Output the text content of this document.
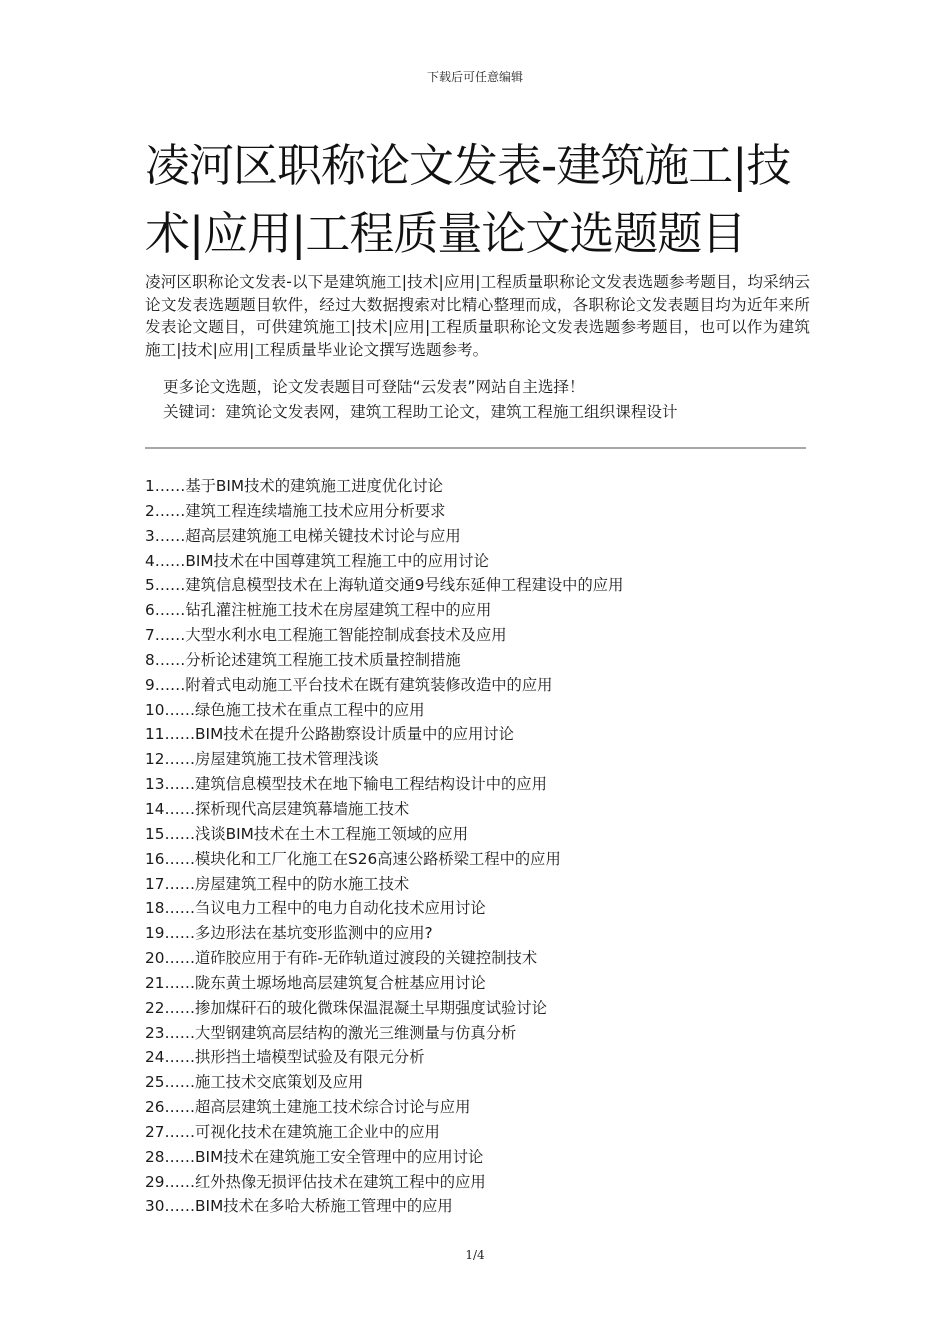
下载后可任意编辑
凌河区职称论文发表-建筑施工|技术|应用|工程质量论文选题题目

凌河区职称论文发表-以下是建筑施工|技术|应用|工程质量职称论文发表选题参考题目，均采纳云论文发表选题题目软件，经过大数据搜索对比精心整理而成，各职称论文发表题目均为近年来所发表论文题目，可供建筑施工|技术|应用|工程质量职称论文发表选题参考题目，也可以作为建筑施工|技术|应用|工程质量毕业论文撰写选题参考。

更多论文选题，论文发表题目可登陆“云发表”网站自主选择！

关键词：建筑论文发表网，建筑工程助工论文，建筑工程施工组织课程设计

1……基于BIM技术的建筑施工进度优化讨论
2……建筑工程连续墙施工技术应用分析要求
3……超高层建筑施工电梯关键技术讨论与应用
4……BIM技术在中国尊建筑工程施工中的应用讨论
5……建筑信息模型技术在上海轨道交通9号线东延伸工程建设中的应用
6……钻孔灌注桩施工技术在房屋建筑工程中的应用
7……大型水利水电工程施工智能控制成套技术及应用
8……分析论述建筑工程施工技术质量控制措施
9……附着式电动施工平台技术在既有建筑装修改造中的应用
10……绿色施工技术在重点工程中的应用
11……BIM技术在提升公路勘察设计质量中的应用讨论
12……房屋建筑施工技术管理浅谈
13……建筑信息模型技术在地下输电工程结构设计中的应用
14……探析现代高层建筑幕墙施工技术
15……浅谈BIM技术在土木工程施工领域的应用
16……模块化和工厂化施工在S26高速公路桥梁工程中的应用
17……房屋建筑工程中的防水施工技术
18……刍议电力工程中的电力自动化技术应用讨论
19……多边形法在基坑变形监测中的应用?
20……道砟胶应用于有砟-无砟轨道过渡段的关键控制技术
21……陇东黄土塬场地高层建筑复合桩基应用讨论
22……掺加煤矸石的玻化微珠保温混凝土早期强度试验讨论
23……大型钢建筑高层结构的激光三维测量与仿真分析
24……拱形挡土墙模型试验及有限元分析
25……施工技术交底策划及应用
26……超高层建筑土建施工技术综合讨论与应用
27……可视化技术在建筑施工企业中的应用
28……BIM技术在建筑施工安全管理中的应用讨论
29……红外热像无损评估技术在建筑工程中的应用
30……BIM技术在多哈大桥施工管理中的应用
1/4
